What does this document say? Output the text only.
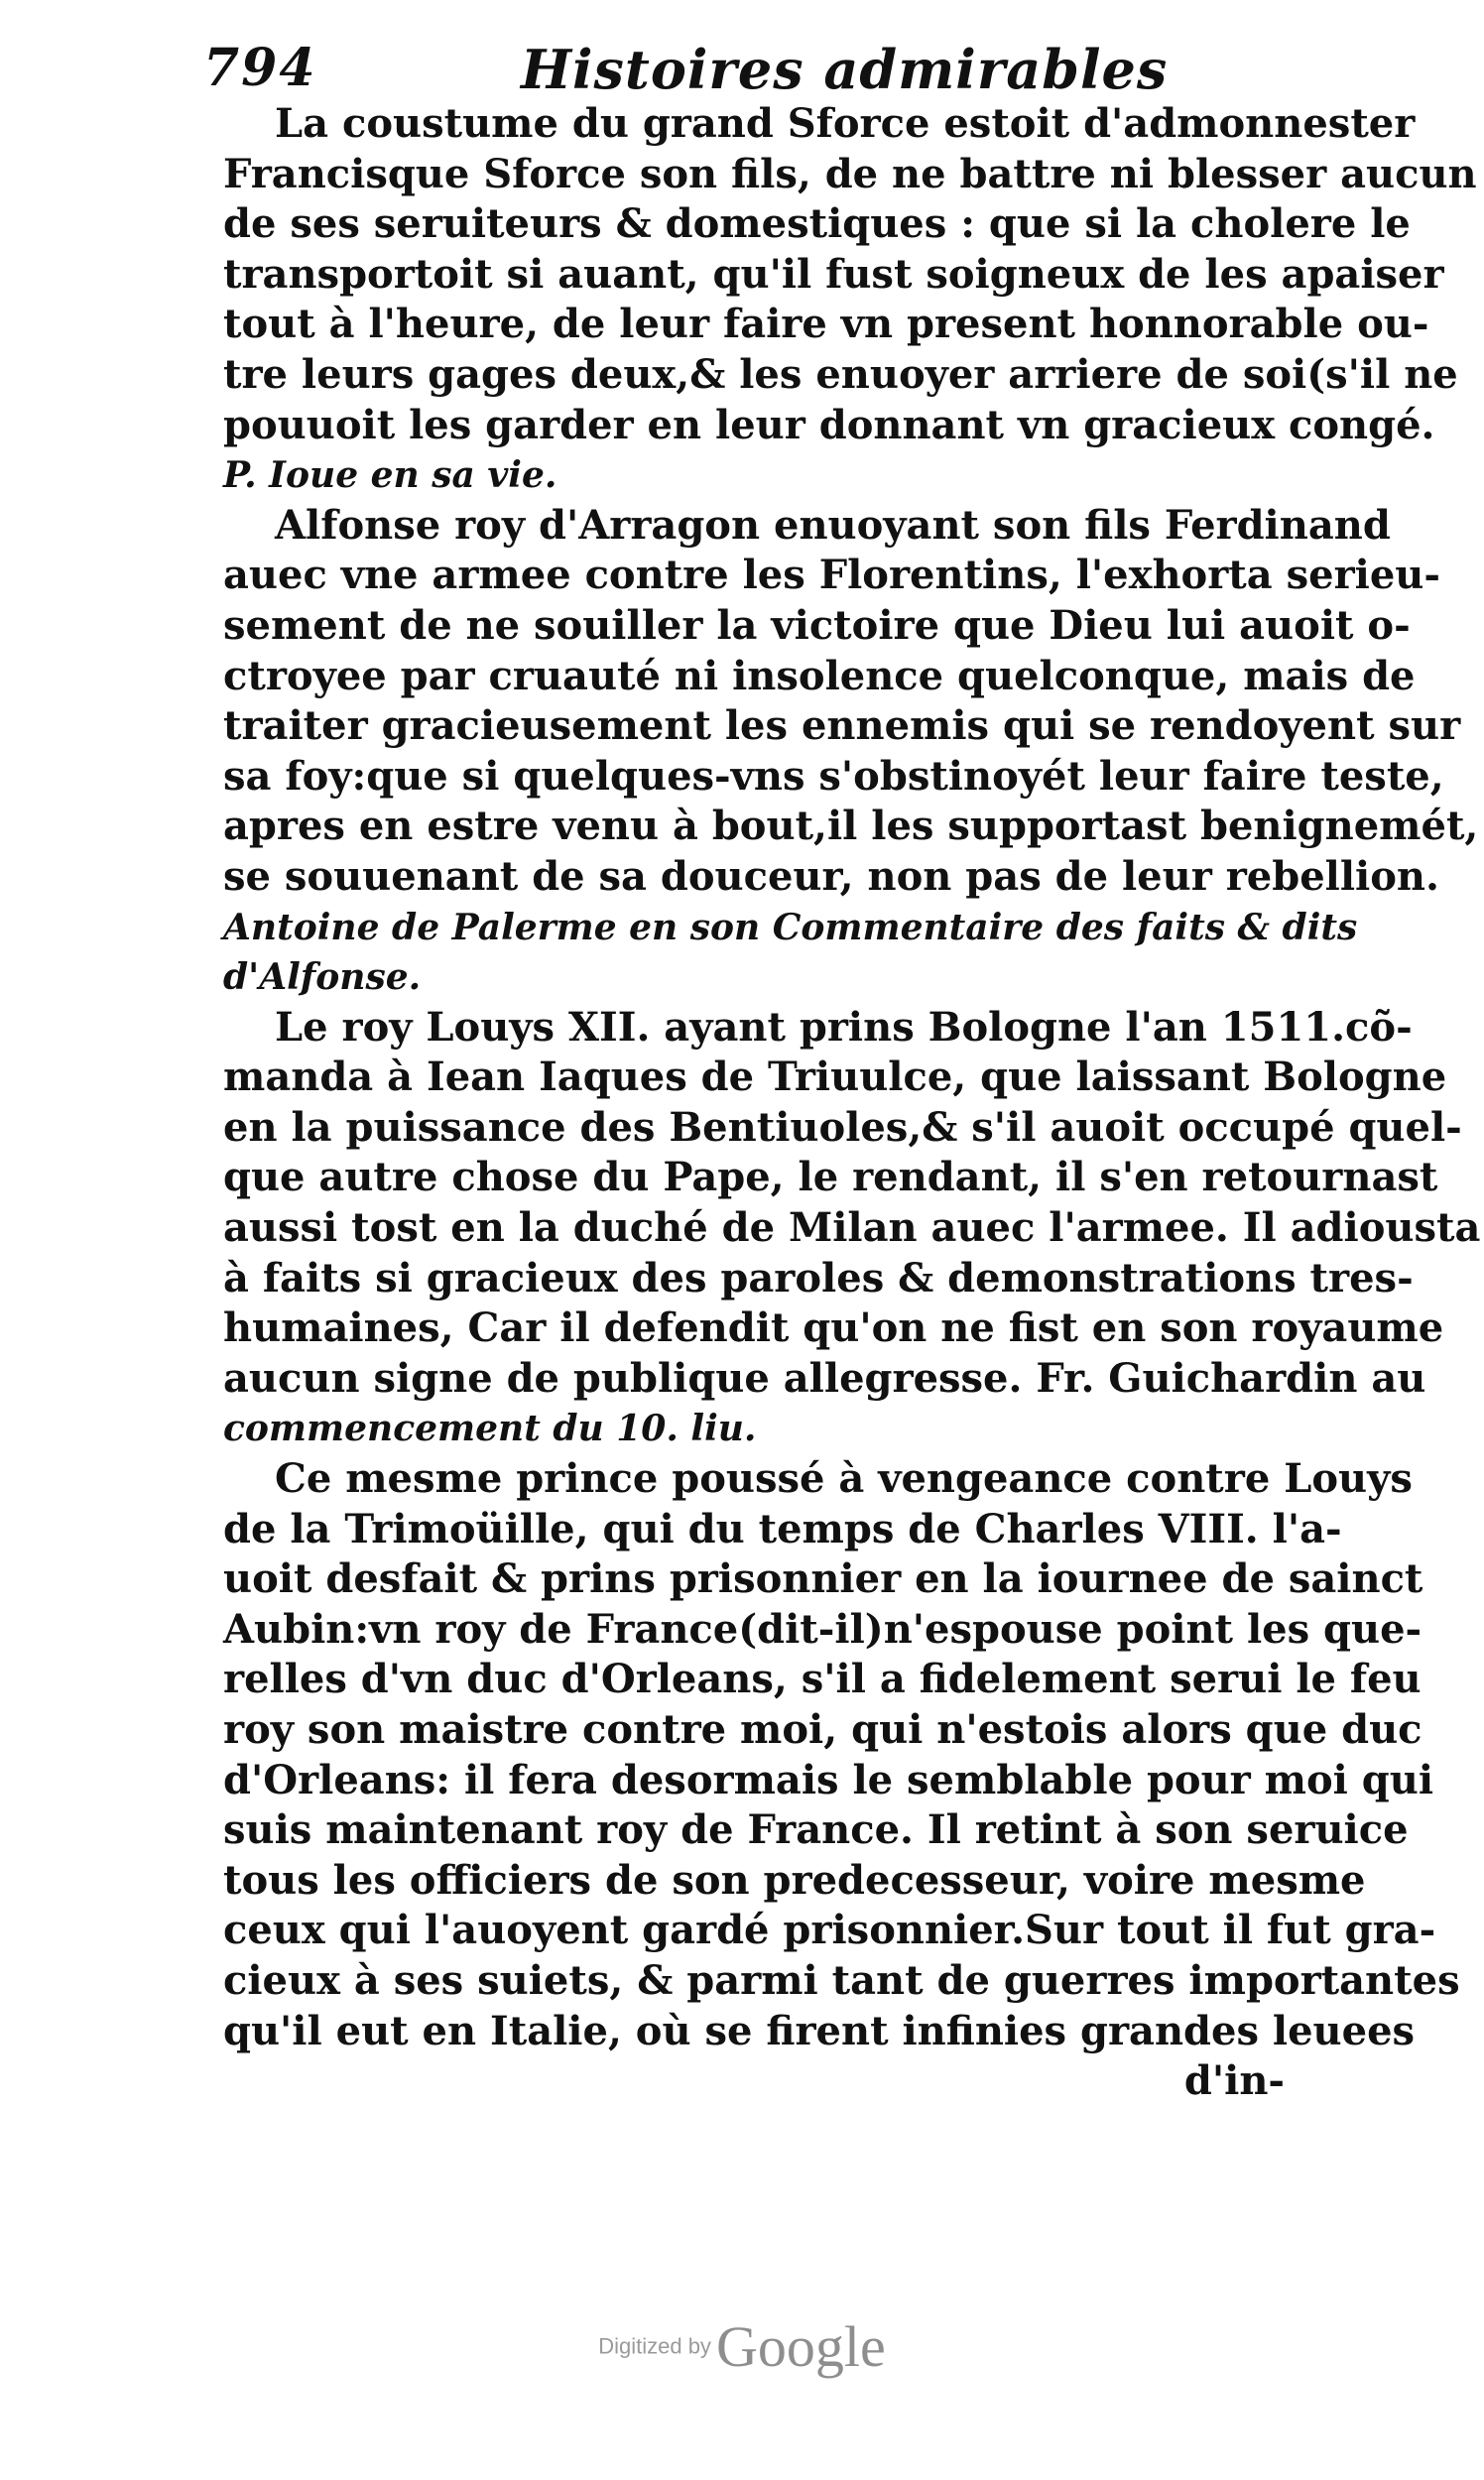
794	Histoires admirables
La coustume du grand Sforce estoit d'admonnester
Francisque Sforce son fils, de ne battre ni blesser aucun
de ses seruiteurs & domestiques : que si la cholere le
transportoit si auant, qu'il fust soigneux de les apaiser
tout à l'heure, de leur faire vn present honnorable ou-
tre leurs gages deux,& les enuoyer arriere de soi(s'il ne
pouuoit les garder en leur donnant vn gracieux congé.
P. Ioue en sa vie.
Alfonse roy d'Arragon enuoyant son fils Ferdinand
auec vne armee contre les Florentins, l'exhorta serieu-
sement de ne souiller la victoire que Dieu lui auoit o-
ctroyee par cruauté ni insolence quelconque, mais de
traiter gracieusement les ennemis qui se rendoyent sur
sa foy:que si quelques-vns s'obstinoyét leur faire teste,
apres en estre venu à bout,il les supportast benignemét,
se souuenant de sa douceur, non pas de leur rebellion.
Antoine de Palerme en son Commentaire des faits & dits
d'Alfonse.
Le roy Louys XII. ayant prins Bologne l'an 1511.cõ-
manda à Iean Iaques de Triuulce, que laissant Bologne
en la puissance des Bentiuoles,& s'il auoit occupé quel-
que autre chose du Pape, le rendant, il s'en retournast
aussi tost en la duché de Milan auec l'armee. Il adiousta
à faits si gracieux des paroles & demonstrations tres-
humaines, Car il defendit qu'on ne fist en son royaume
aucun signe de publique allegresse. Fr. Guichardin au
commencement du 10. liu.
Ce mesme prince poussé à vengeance contre Louys
de la Trimoüille, qui du temps de Charles VIII. l'a-
uoit desfait & prins prisonnier en la iournee de sainct
Aubin:vn roy de France(dit-il)n'espouse point les que-
relles d'vn duc d'Orleans, s'il a fidelement serui le feu
roy son maistre contre moi, qui n'estois alors que duc
d'Orleans: il fera desormais le semblable pour moi qui
suis maintenant roy de France. Il retint à son seruice
tous les officiers de son predecesseur, voire mesme
ceux qui l'auoyent gardé prisonnier.Sur tout il fut gra-
cieux à ses suiets, & parmi tant de guerres importantes
qu'il eut en Italie, où se firent infinies grandes leuees
d'in-
Digitized by Google
